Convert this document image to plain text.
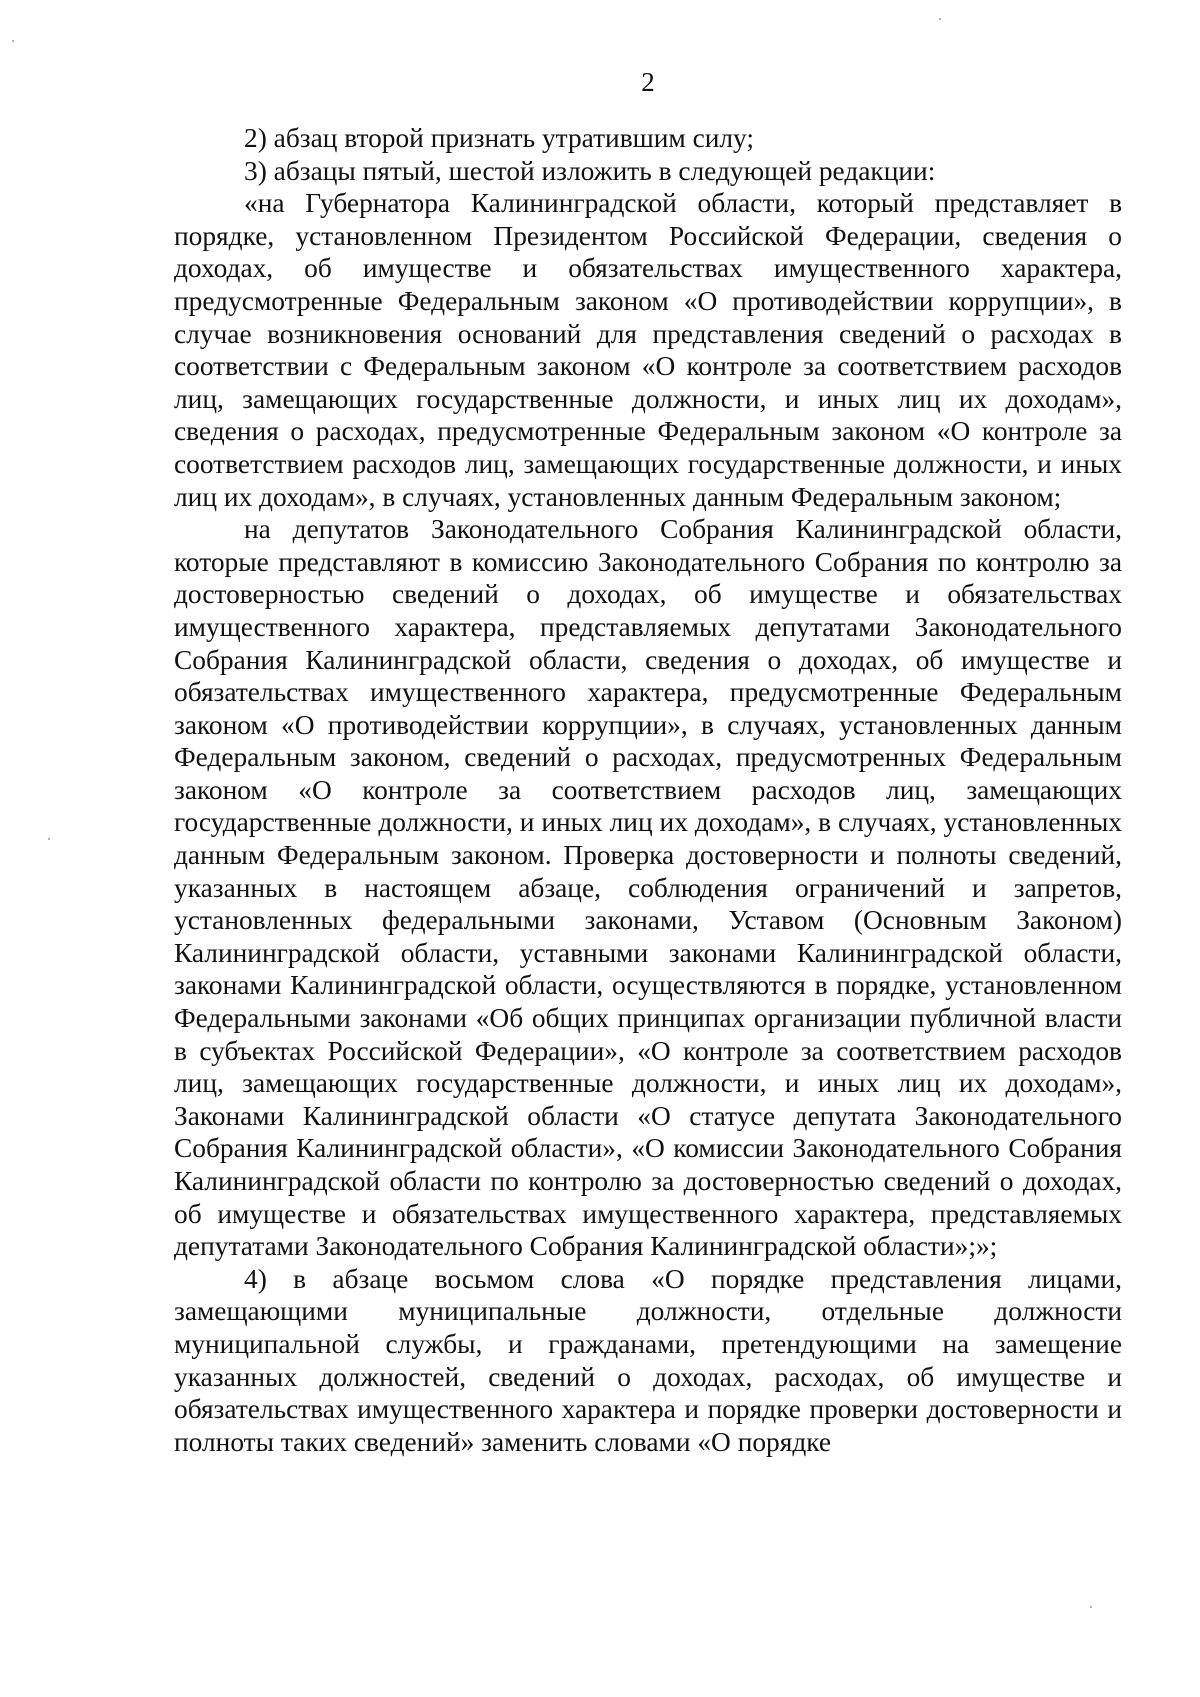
2

2) абзац второй признать утратившим силу;

3) абзацы пятый, шестой изложить в следующей редакции:

«на Губернатора Калининградской области, который представляет в порядке, установленном Президентом Российской Федерации, сведения о доходах, об имуществе и обязательствах имущественного характера, предусмотренные Федеральным законом «О противодействии коррупции», в случае возникновения оснований для представления сведений о расходах в соответствии с Федеральным законом «О контроле за соответствием расходов лиц, замещающих государственные должности, и иных лиц их доходам», сведения о расходах, предусмотренные Федеральным законом «О контроле за соответствием расходов лиц, замещающих государственные должности, и иных лиц их доходам», в случаях, установленных данным Федеральным законом;

на депутатов Законодательного Собрания Калининградской области, которые представляют в комиссию Законодательного Собрания по контролю за достоверностью сведений о доходах, об имуществе и обязательствах имущественного характера, представляемых депутатами Законодательного Собрания Калининградской области, сведения о доходах, об имуществе и обязательствах имущественного характера, предусмотренные Федеральным законом «О противодействии коррупции», в случаях, установленных данным Федеральным законом, сведений о расходах, предусмотренных Федеральным законом «О контроле за соответствием расходов лиц, замещающих государственные должности, и иных лиц их доходам», в случаях, установленных данным Федеральным законом. Проверка достоверности и полноты сведений, указанных в настоящем абзаце, соблюдения ограничений и запретов, установленных федеральными законами, Уставом (Основным Законом) Калининградской области, уставными законами Калининградской области, законами Калининградской области, осуществляются в порядке, установленном Федеральными законами «Об общих принципах организации публичной власти в субъектах Российской Федерации», «О контроле за соответствием расходов лиц, замещающих государственные должности, и иных лиц их доходам», Законами Калининградской области «О статусе депутата Законодательного Собрания Калининградской области», «О комиссии Законодательного Собрания Калининградской области по контролю за достоверностью сведений о доходах, об имуществе и обязательствах имущественного характера, представляемых депутатами Законодательного Собрания Калининградской области»;»;

4) в абзаце восьмом слова «О порядке представления лицами, замещающими муниципальные должности, отдельные должности муниципальной службы, и гражданами, претендующими на замещение указанных должностей, сведений о доходах, расходах, об имуществе и обязательствах имущественного характера и порядке проверки достоверности и полноты таких сведений» заменить словами «О порядке
